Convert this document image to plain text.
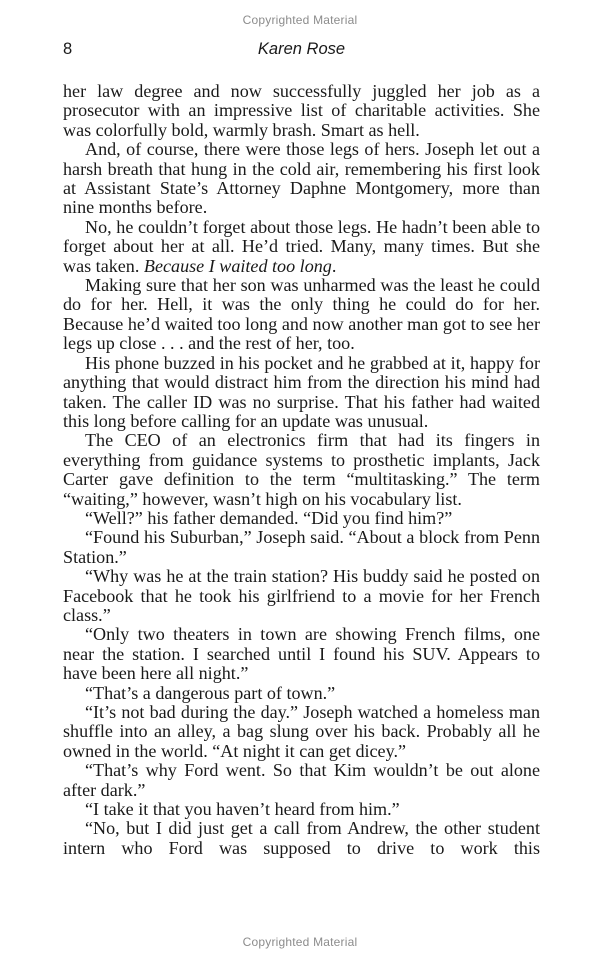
Copyrighted Material
8	Karen Rose

her law degree and now successfully juggled her job as a prosecutor with an impressive list of charitable activities. She was colorfully bold, warmly brash. Smart as hell.

And, of course, there were those legs of hers. Joseph let out a harsh breath that hung in the cold air, remembering his first look at Assistant State’s Attorney Daphne Montgomery, more than nine months before.

No, he couldn’t forget about those legs. He hadn’t been able to forget about her at all. He’d tried. Many, many times. But she was taken. Because I waited too long.

Making sure that her son was unharmed was the least he could do for her. Hell, it was the only thing he could do for her. Because he’d waited too long and now another man got to see her legs up close . . . and the rest of her, too.

His phone buzzed in his pocket and he grabbed at it, happy for anything that would distract him from the direction his mind had taken. The caller ID was no surprise. That his father had waited this long before calling for an update was unusual.

The CEO of an electronics firm that had its fingers in everything from guidance systems to prosthetic implants, Jack Carter gave definition to the term “multitasking.” The term “waiting,” however, wasn’t high on his vocabulary list.

“Well?” his father demanded. “Did you find him?”

“Found his Suburban,” Joseph said. “About a block from Penn Station.”

“Why was he at the train station? His buddy said he posted on Facebook that he took his girlfriend to a movie for her French class.”

“Only two theaters in town are showing French films, one near the station. I searched until I found his SUV. Appears to have been here all night.”

“That’s a dangerous part of town.”

“It’s not bad during the day.” Joseph watched a homeless man shuffle into an alley, a bag slung over his back. Probably all he owned in the world. “At night it can get dicey.”

“That’s why Ford went. So that Kim wouldn’t be out alone after dark.”

“I take it that you haven’t heard from him.”

“No, but I did just get a call from Andrew, the other student intern who Ford was supposed to drive to work this

Copyrighted Material
